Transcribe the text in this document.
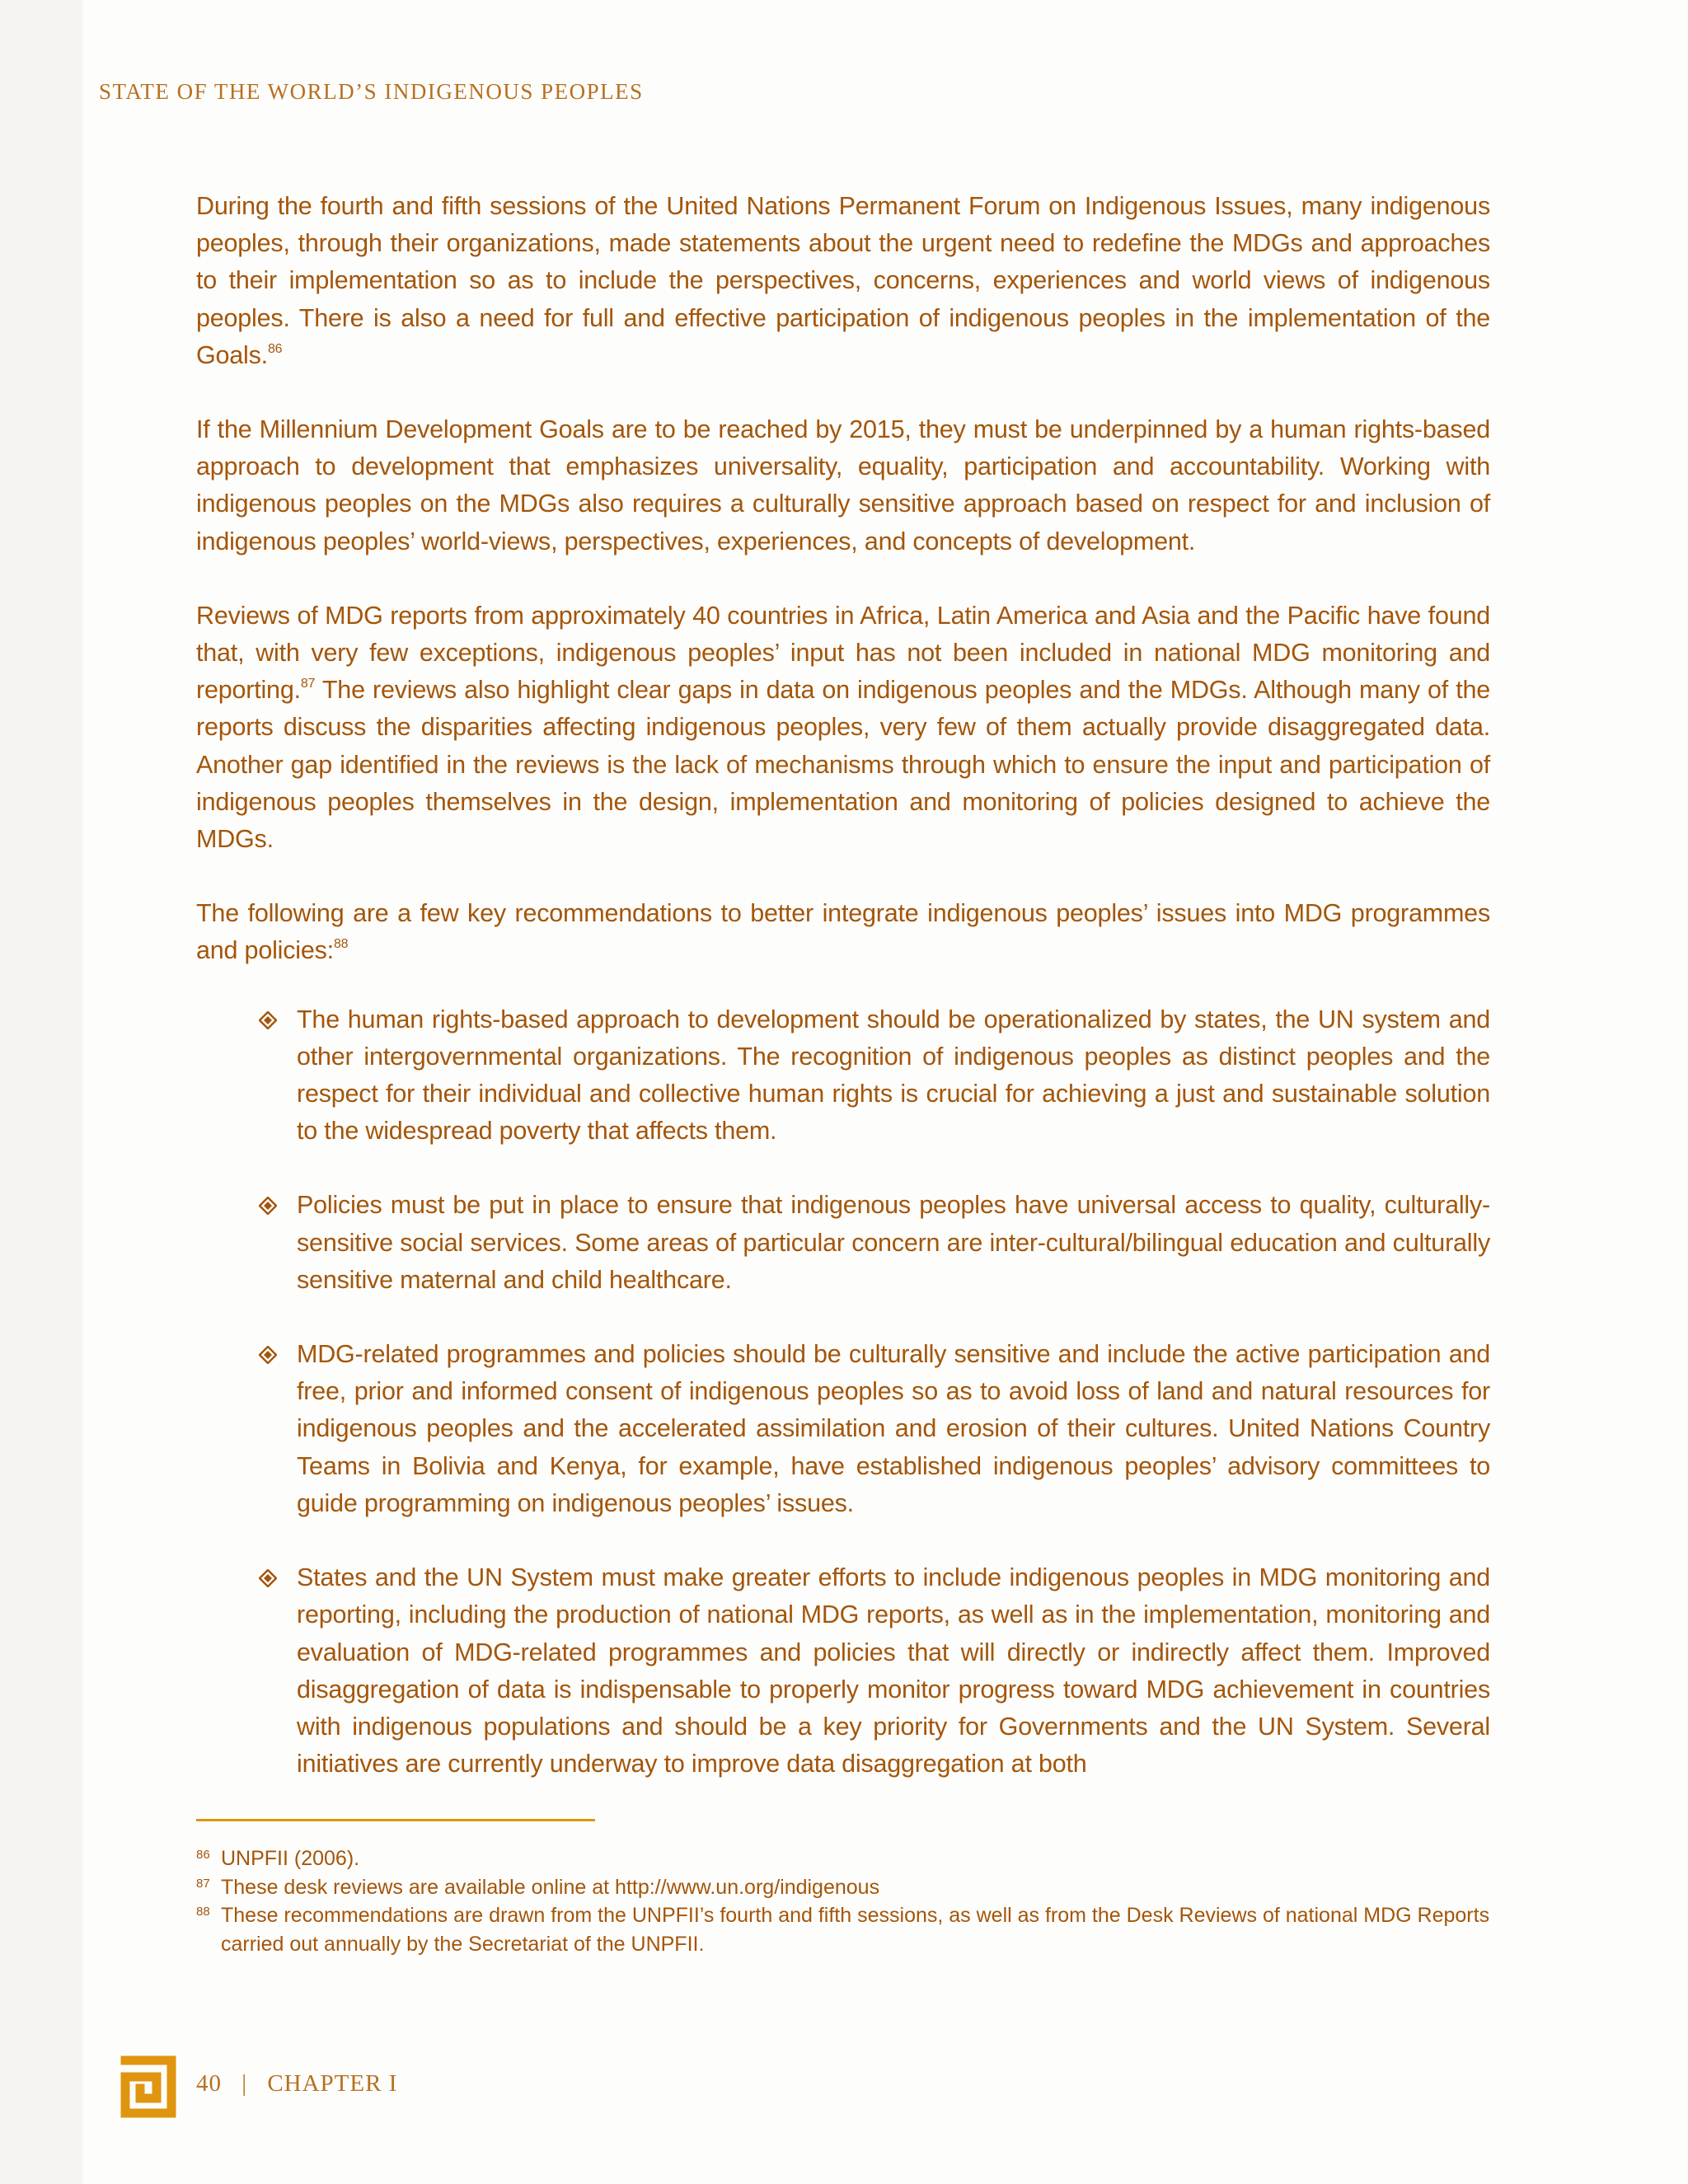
STATE OF THE WORLD’S INDIGENOUS PEOPLES

During the fourth and fifth sessions of the United Nations Permanent Forum on Indigenous Issues, many indigenous peoples, through their organizations, made statements about the urgent need to redefine the MDGs and approaches to their implementation so as to include the perspectives, concerns, experiences and world views of indigenous peoples. There is also a need for full and effective participation of indigenous peoples in the implementation of the Goals.$^{86}$

If the Millennium Development Goals are to be reached by 2015, they must be underpinned by a human rights-based approach to development that emphasizes universality, equality, participation and accountability. Working with indigenous peoples on the MDGs also requires a culturally sensitive approach based on respect for and inclusion of indigenous peoples’ world-views, perspectives, experiences, and concepts of development.

Reviews of MDG reports from approximately 40 countries in Africa, Latin America and Asia and the Pacific have found that, with very few exceptions, indigenous peoples’ input has not been included in national MDG monitoring and reporting.$^{87}$ The reviews also highlight clear gaps in data on indigenous peoples and the MDGs. Although many of the reports discuss the disparities affecting indigenous peoples, very few of them actually provide disaggregated data. Another gap identified in the reviews is the lack of mechanisms through which to ensure the input and participation of indigenous peoples themselves in the design, implementation and monitoring of policies designed to achieve the MDGs.

The following are a few key recommendations to better integrate indigenous peoples’ issues into MDG programmes and policies:$^{88}$

The human rights-based approach to development should be operationalized by states, the UN system and other intergovernmental organizations. The recognition of indigenous peoples as distinct peoples and the respect for their individual and collective human rights is crucial for achieving a just and sustainable solution to the widespread poverty that affects them.
Policies must be put in place to ensure that indigenous peoples have universal access to quality, culturally-sensitive social services. Some areas of particular concern are inter-cultural/bilingual education and culturally sensitive maternal and child healthcare.
MDG-related programmes and policies should be culturally sensitive and include the active participation and free, prior and informed consent of indigenous peoples so as to avoid loss of land and natural resources for indigenous peoples and the accelerated assimilation and erosion of their cultures. United Nations Country Teams in Bolivia and Kenya, for example, have established indigenous peoples’ advisory committees to guide programming on indigenous peoples’ issues.
States and the UN System must make greater efforts to include indigenous peoples in MDG monitoring and reporting, including the production of national MDG reports, as well as in the implementation, monitoring and evaluation of MDG-related programmes and policies that will directly or indirectly affect them. Improved disaggregation of data is indispensable to properly monitor progress toward MDG achievement in countries with indigenous populations and should be a key priority for Governments and the UN System. Several initiatives are currently underway to improve data disaggregation at both
86 UNPFII (2006).
87 These desk reviews are available online at http://www.un.org/indigenous
88 These recommendations are drawn from the UNPFII’s fourth and fifth sessions, as well as from the Desk Reviews of national MDG Reports carried out annually by the Secretariat of the UNPFII.
40 | CHAPTER I
